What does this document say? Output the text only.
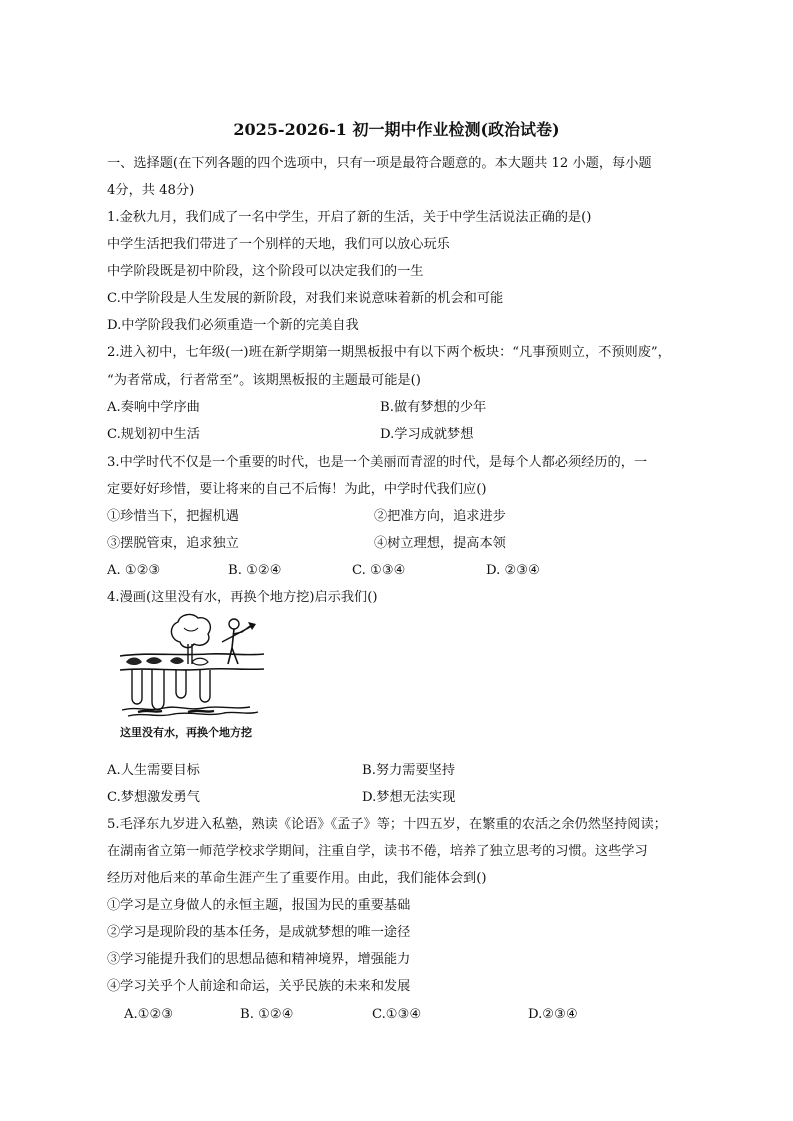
2025-2026-1 初一期中作业检测(政治试卷)
一、选择题(在下列各题的四个选项中，只有一项是最符合题意的。本大题共 12 小题，每小题
4分，共 48分)
1.金秋九月，我们成了一名中学生，开启了新的生活，关于中学生活说法正确的是()
中学生活把我们带进了一个别样的天地，我们可以放心玩乐
中学阶段既是初中阶段，这个阶段可以决定我们的一生
C.中学阶段是人生发展的新阶段，对我们来说意味着新的机会和可能
D.中学阶段我们必须重造一个新的完美自我
2.进入初中，七年级(一)班在新学期第一期黑板报中有以下两个板块：“凡事预则立，不预则废”，
“为者常成，行者常至”。该期黑板报的主题最可能是()
A.奏响中学序曲	B.做有梦想的少年
C.规划初中生活	D.学习成就梦想
3.中学时代不仅是一个重要的时代，也是一个美丽而青涩的时代，是每个人都必须经历的，一
定要好好珍惜，要让将来的自己不后悔！为此，中学时代我们应()
①珍惜当下，把握机遇	②把准方向，追求进步
③摆脱管束，追求独立	④树立理想，提高本领
A. ①②③	B. ①②④	C. ①③④	D. ②③④
4.漫画(这里没有水，再换个地方挖)启示我们()
这里没有水，再换个地方挖
A.人生需要目标	B.努力需要坚持
C.梦想激发勇气	D.梦想无法实现
5.毛泽东九岁进入私塾，熟读《论语》《孟子》等；十四五岁，在繁重的农活之余仍然坚持阅读；
在湖南省立第一师范学校求学期间，注重自学，读书不倦，培养了独立思考的习惯。这些学习
经历对他后来的革命生涯产生了重要作用。由此，我们能体会到()
①学习是立身做人的永恒主题，报国为民的重要基础
②学习是现阶段的基本任务，是成就梦想的唯一途径
③学习能提升我们的思想品德和精神境界，增强能力
④学习关乎个人前途和命运，关乎民族的未来和发展
A.①②③	B. ①②④	C.①③④	D.②③④
